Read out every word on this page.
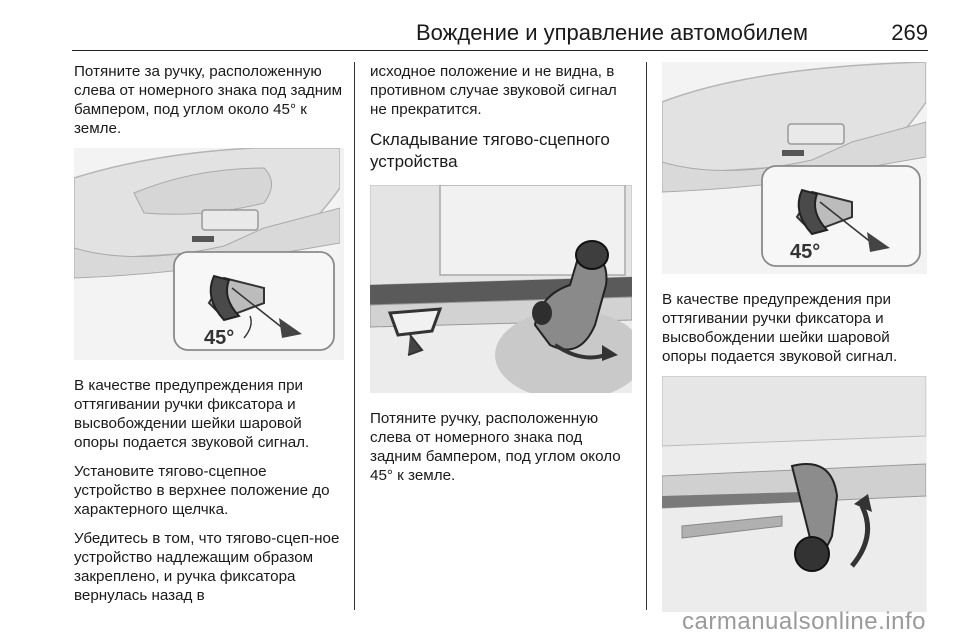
Вождение и управление автомобилем	269

Потяните за ручку, расположенную слева от номерного знака под задним бампером, под углом около 45° к земле.

45°

В качестве предупреждения при оттягивании ручки фиксатора и высвобождении шейки шаровой опоры подается звуковой сигнал.

Установите тягово-сцепное устройство в верхнее положение до характерного щелчка.

Убедитесь в том, что тягово-сцеп-ное устройство надлежащим образом закреплено, и ручка фиксатора вернулась назад в

исходное положение и не видна, в противном случае звуковой сигнал не прекратится.

Складывание тягово-сцепного устройства

Потяните ручку, расположенную слева от номерного знака под задним бампером, под углом около 45° к земле.

45°

В качестве предупреждения при оттягивании ручки фиксатора и высвобождении шейки шаровой опоры подается звуковой сигнал.

carmanualsonline.info
